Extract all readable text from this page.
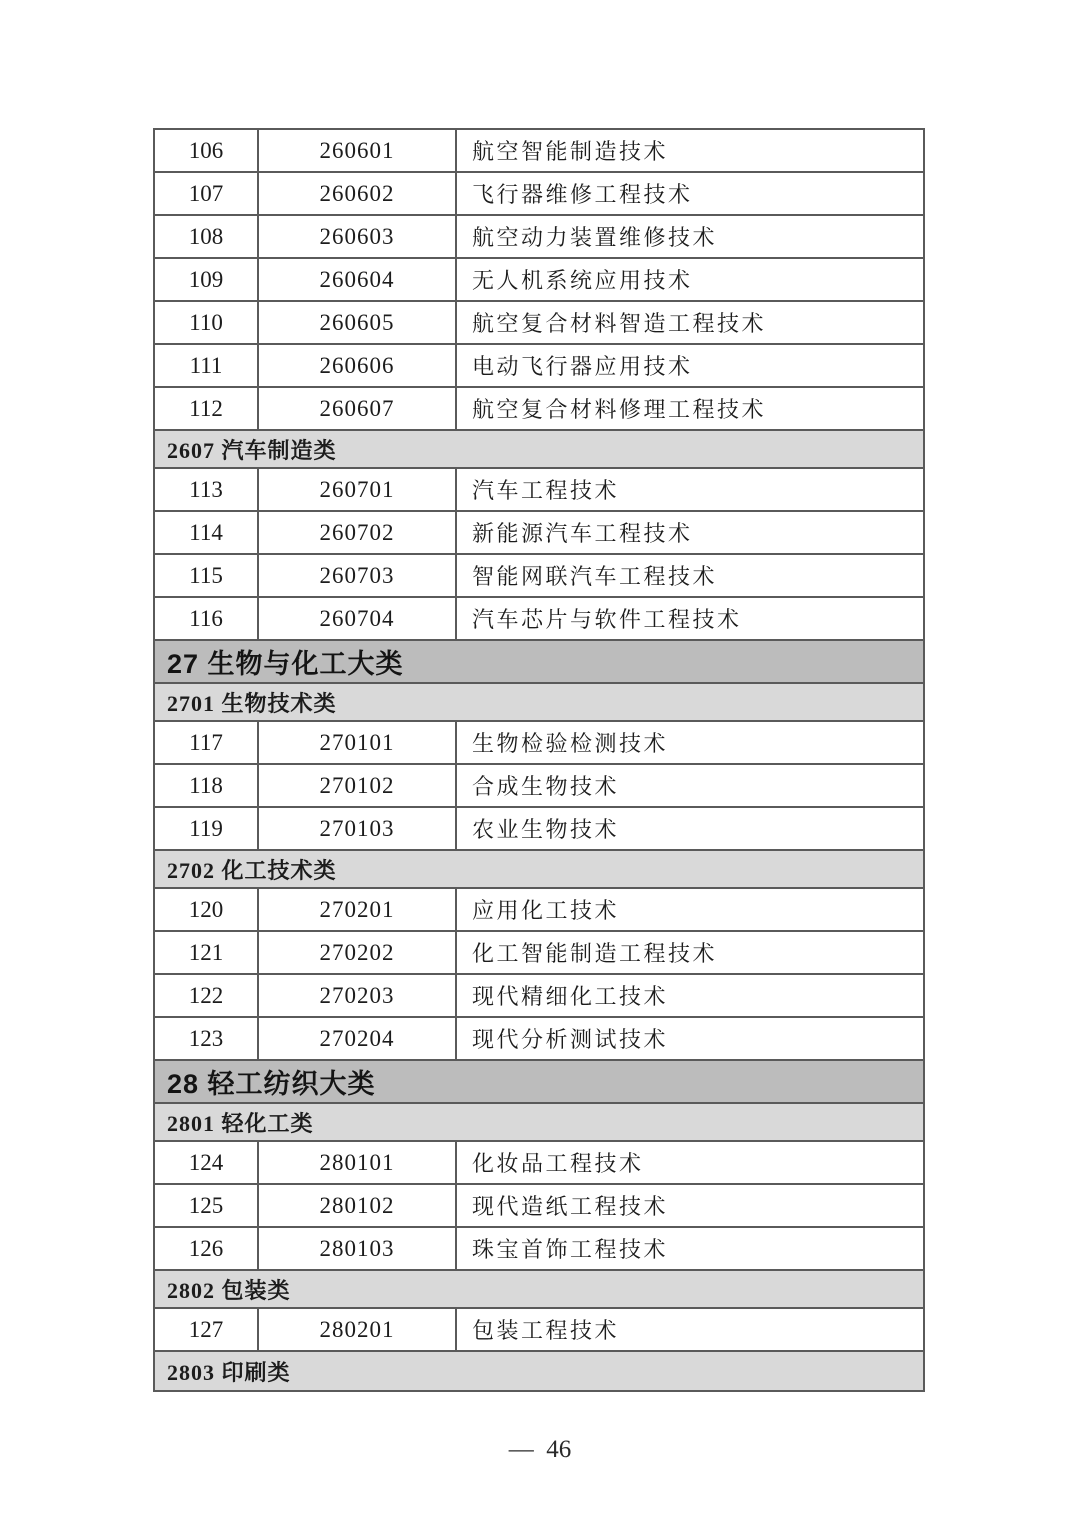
106	260601	航空智能制造技术
107	260602	飞行器维修工程技术
108	260603	航空动力装置维修技术
109	260604	无人机系统应用技术
110	260605	航空复合材料智造工程技术
111	260606	电动飞行器应用技术
112	260607	航空复合材料修理工程技术
2607 汽车制造类
113	260701	汽车工程技术
114	260702	新能源汽车工程技术
115	260703	智能网联汽车工程技术
116	260704	汽车芯片与软件工程技术
27 生物与化工大类
2701 生物技术类
117	270101	生物检验检测技术
118	270102	合成生物技术
119	270103	农业生物技术
2702 化工技术类
120	270201	应用化工技术
121	270202	化工智能制造工程技术
122	270203	现代精细化工技术
123	270204	现代分析测试技术
28 轻工纺织大类
2801 轻化工类
124	280101	化妆品工程技术
125	280102	现代造纸工程技术
126	280103	珠宝首饰工程技术
2802 包装类
127	280201	包装工程技术
2803 印刷类
—  46
